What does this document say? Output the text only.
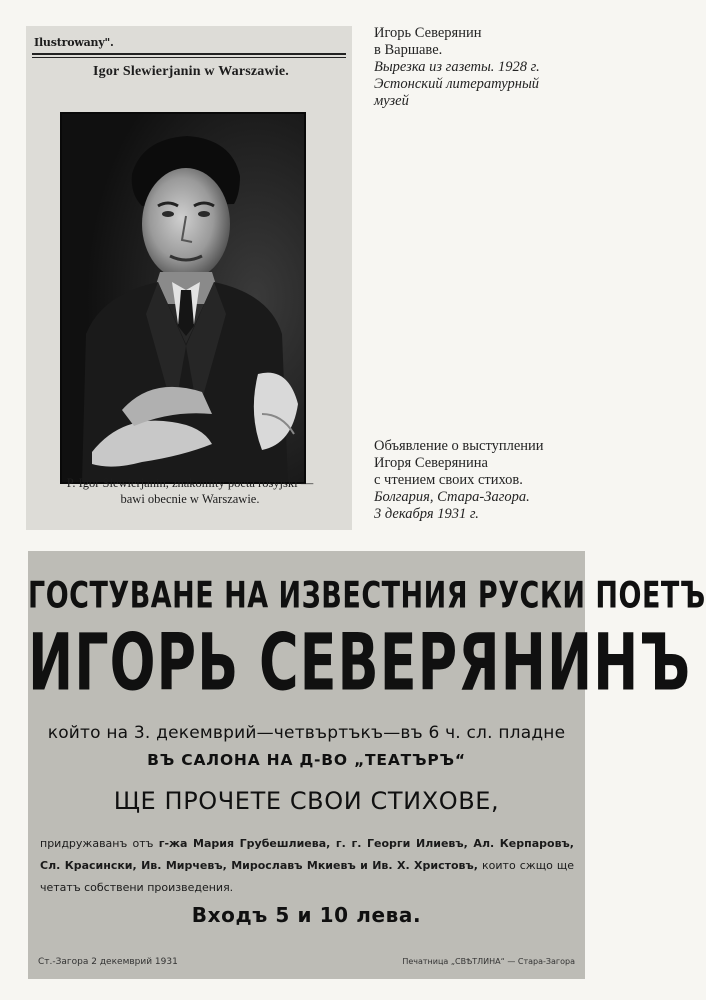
Ilustrowany".
Igor Slewierjanin w Warszawie.
P. Igor Slewierjanin, znakomity poeta rosyjski — bawi obecnie w Warszawie.
Игорь Северянин
в Варшаве.
Вырезка из газеты. 1928 г.
Эстонский литературный
музей
Объявление о выступлении
Игоря Северянина
с чтением своих стихов.
Болгария, Стара-Загора.
3 декабря 1931 г.
ГОСТУВАНЕ НА ИЗВЕСТНИЯ РУСКИ ПОЕТЪ
ИГОРЬ СЕВЕРЯНИНЪ
който на 3. декемврий—четвъртъкъ—въ 6 ч. сл. пладне
ВЪ САЛОНА НА Д-ВО „ТЕАТЪРЪ“
ЩЕ ПРОЧЕТЕ СВОИ СТИХОВЕ,
придружаванъ отъ г-жа Мария Грубешлиева, г. г. Георги Илиевъ, Ал. Керпаровъ, Сл. Красински, Ив. Мирчевъ, Мирославъ Мкиевъ и Ив. Х. Христовъ, които сжщо ще четатъ собствени произведения.
Входъ 5 и 10 лева.
Ст.-Загора 2 декемврий 1931	Печатница „СВѢТЛИНА“ — Стара-Загора
